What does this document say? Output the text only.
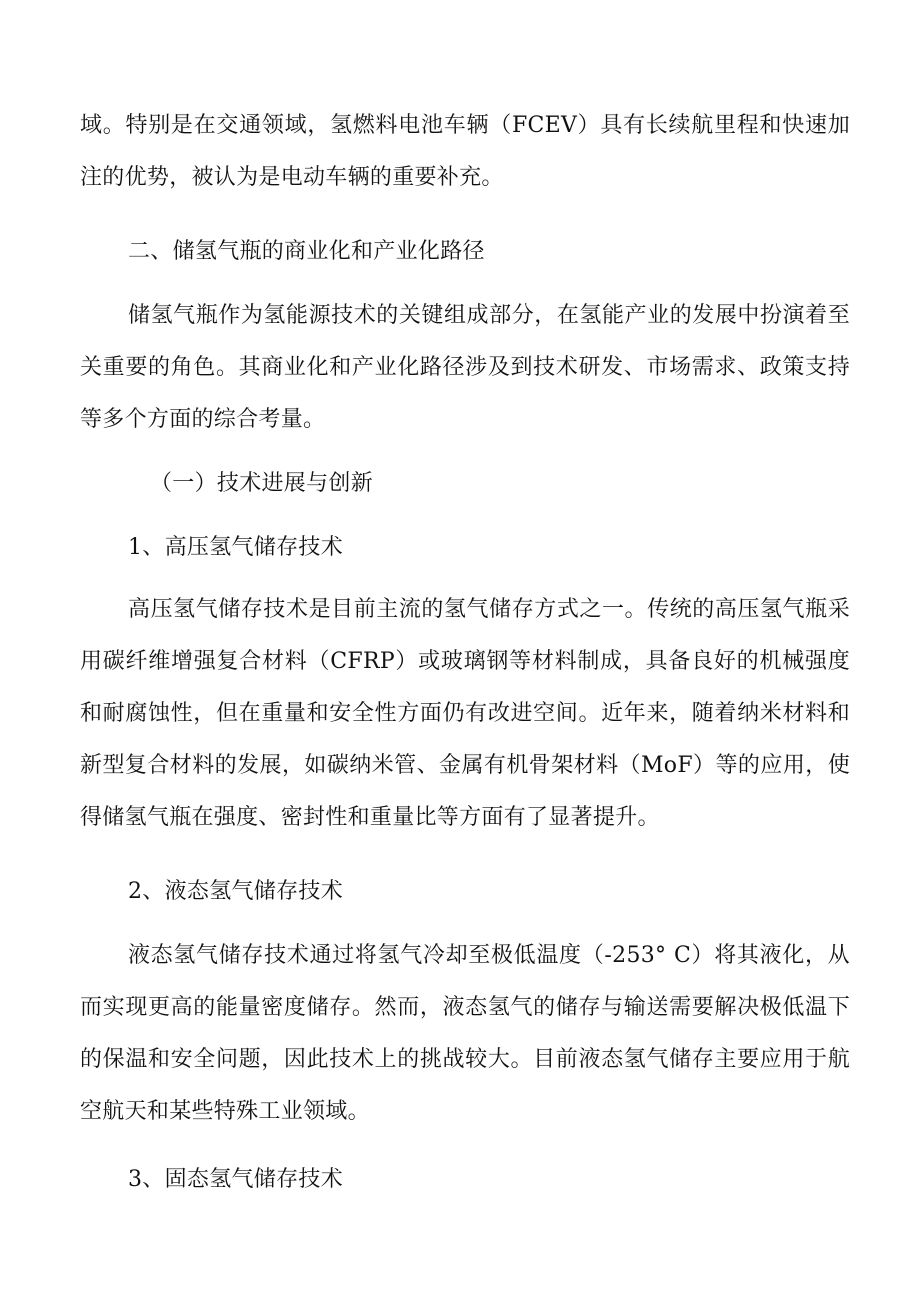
域。特别是在交通领域，氢燃料电池车辆（FCEV）具有长续航里程和快速加注的优势，被认为是电动车辆的重要补充。

二、储氢气瓶的商业化和产业化路径

储氢气瓶作为氢能源技术的关键组成部分，在氢能产业的发展中扮演着至关重要的角色。其商业化和产业化路径涉及到技术研发、市场需求、政策支持等多个方面的综合考量。

（一）技术进展与创新

1、高压氢气储存技术

高压氢气储存技术是目前主流的氢气储存方式之一。传统的高压氢气瓶采用碳纤维增强复合材料（CFRP）或玻璃钢等材料制成，具备良好的机械强度和耐腐蚀性，但在重量和安全性方面仍有改进空间。近年来，随着纳米材料和新型复合材料的发展，如碳纳米管、金属有机骨架材料（MoF）等的应用，使得储氢气瓶在强度、密封性和重量比等方面有了显著提升。

2、液态氢气储存技术

液态氢气储存技术通过将氢气冷却至极低温度（-253° C）将其液化，从而实现更高的能量密度储存。然而，液态氢气的储存与输送需要解决极低温下的保温和安全问题，因此技术上的挑战较大。目前液态氢气储存主要应用于航空航天和某些特殊工业领域。

3、固态氢气储存技术
